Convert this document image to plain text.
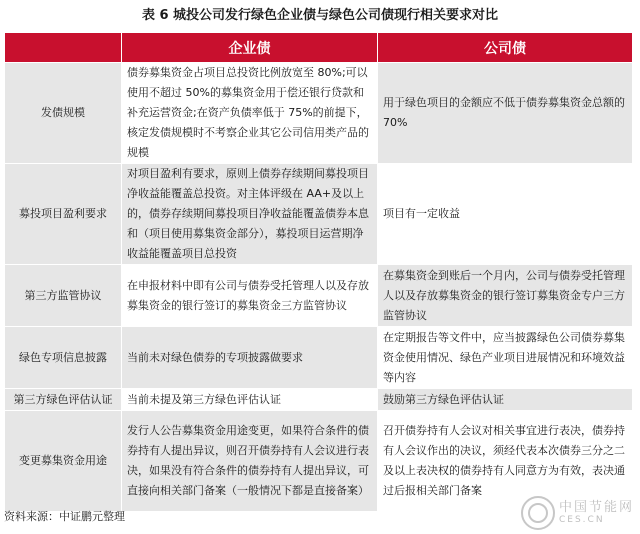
表 6 城投公司发行绿色企业债与绿色公司债现行相关要求对比
	企业债	公司债
发债规模	债券募集资金占项目总投资比例放宽至 80%;可以使用不超过 50%的募集资金用于偿还银行贷款和补充运营资金;在资产负债率低于 75%的前提下，核定发债规模时不考察企业其它公司信用类产品的规模	用于绿色项目的金额应不低于债券募集资金总额的 70%
募投项目盈利要求	对项目盈利有要求，原则上债券存续期间募投项目净收益能覆盖总投资。对主体评级在 AA+及以上的，债券存续期间募投项目净收益能覆盖债券本息和（项目使用募集资金部分），募投项目运营期净收益能覆盖项目总投资	项目有一定收益
第三方监管协议	在申报材料中即有公司与债券受托管理人以及存放募集资金的银行签订的募集资金三方监管协议	在募集资金到账后一个月内，公司与债券受托管理人以及存放募集资金的银行签订募集资金专户三方监管协议
绿色专项信息披露	当前未对绿色债券的专项披露做要求	在定期报告等文件中，应当披露绿色公司债券募集资金使用情况、绿色产业项目进展情况和环境效益等内容
第三方绿色评估认证	当前未提及第三方绿色评估认证	鼓励第三方绿色评估认证
变更募集资金用途	发行人公告募集资金用途变更，如果符合条件的债券持有人提出异议，则召开债券持有人会议进行表决，如果没有符合条件的债券持有人提出异议，可直接向相关部门备案（一般情况下都是直接备案）	召开债券持有人会议对相关事宜进行表决，债券持有人会议作出的决议，须经代表本次债券三分之二及以上表决权的债券持有人同意方为有效，表决通过后报相关部门备案
资料来源：中证鹏元整理
中国节能网
CES.CN
